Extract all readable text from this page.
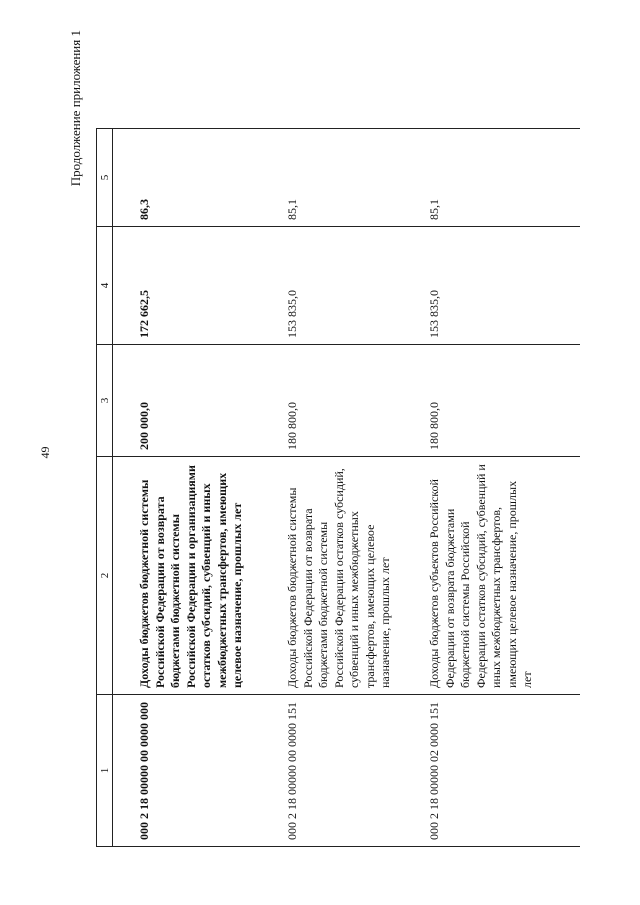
49
Продолжение приложения 1
1	2	3	4	5
000 2 18 00000 00 0000 000	Доходы бюджетов бюджетной системы Российской Федерации от возврата бюджетами бюджетной системы Российской Федерации и организациями остатков субсидий, субвенций и иных межбюджетных трансфертов, имеющих целевое назначение, прошлых лет	200 000,0	172 662,5	86,3
000 2 18 00000 00 0000 151	Доходы бюджетов бюджетной системы Российской Федерации от возврата бюджетами бюджетной системы Российской Федерации остатков субсидий, субвенций и иных межбюджетных трансфертов, имеющих целевое назначение, прошлых лет	180 800,0	153 835,0	85,1
000 2 18 00000 02 0000 151	Доходы бюджетов субъектов Российской Федерации от возврата бюджетами бюджетной системы Российской Федерации остатков субсидий, субвенций и иных межбюджетных трансфертов, имеющих целевое назначение, прошлых лет	180 800,0	153 835,0	85,1
